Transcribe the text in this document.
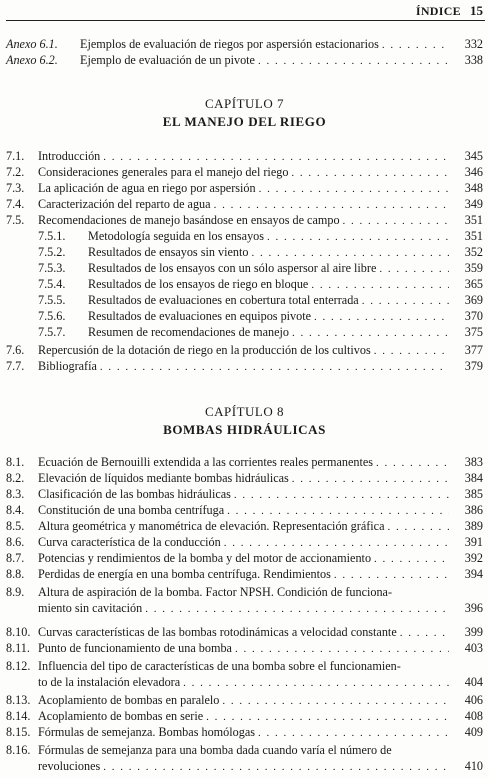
ÍNDICE 15
Anexo 6.1. Ejemplos de evaluación de riegos por aspersión estacionarios . . .	332
Anexo 6.2. Ejemplo de evaluación de un pivote . . .	338
CAPÍTULO 7
EL MANEJO DEL RIEGO
7.1. Introducción . . .	345
7.2. Consideraciones generales para el manejo del riego . . .	346
7.3. La aplicación de agua en riego por aspersión . . .	348
7.4. Caracterización del reparto de agua . . .	349
7.5. Recomendaciones de manejo basándose en ensayos de campo . . .	351
7.5.1. Metodología seguida en los ensayos . . .	351
7.5.2. Resultados de ensayos sin viento . . .	352
7.5.3. Resultados de los ensayos con un sólo aspersor al aire libre . . .	359
7.5.4. Resultados de los ensayos de riego en bloque . . .	365
7.5.5. Resultados de evaluaciones en cobertura total enterrada . . .	369
7.5.6. Resultados de evaluaciones en equipos pivote . . .	370
7.5.7. Resumen de recomendaciones de manejo . . .	375
7.6. Repercusión de la dotación de riego en la producción de los cultivos . . .	377
7.7. Bibliografía . . .	379
CAPÍTULO 8
BOMBAS HIDRÁULICAS
8.1. Ecuación de Bernouilli extendida a las corrientes reales permanentes . . .	383
8.2. Elevación de líquidos mediante bombas hidráulicas . . .	384
8.3. Clasificación de las bombas hidráulicas . . .	385
8.4. Constitución de una bomba centrífuga . . .	386
8.5. Altura geométrica y manométrica de elevación. Representación gráfica . . .	389
8.6. Curva característica de la conducción . . .	391
8.7. Potencias y rendimientos de la bomba y del motor de accionamiento . . .	392
8.8. Perdidas de energía en una bomba centrífuga. Rendimientos . . .	394
8.9. Altura de aspiración de la bomba. Factor NPSH. Condición de funciona-
miento sin cavitación . . .	396
8.10. Curvas características de las bombas rotodinámicas a velocidad constante . . .	399
8.11. Punto de funcionamiento de una bomba . . .	403
8.12. Influencia del tipo de características de una bomba sobre el funcionamien-
to de la instalación elevadora . . .	404
8.13. Acoplamiento de bombas en paralelo . . .	406
8.14. Acoplamiento de bombas en serie . . .	408
8.15. Fórmulas de semejanza. Bombas homólogas . . .	409
8.16. Fórmulas de semejanza para una bomba dada cuando varía el número de
revoluciones . . .	410
